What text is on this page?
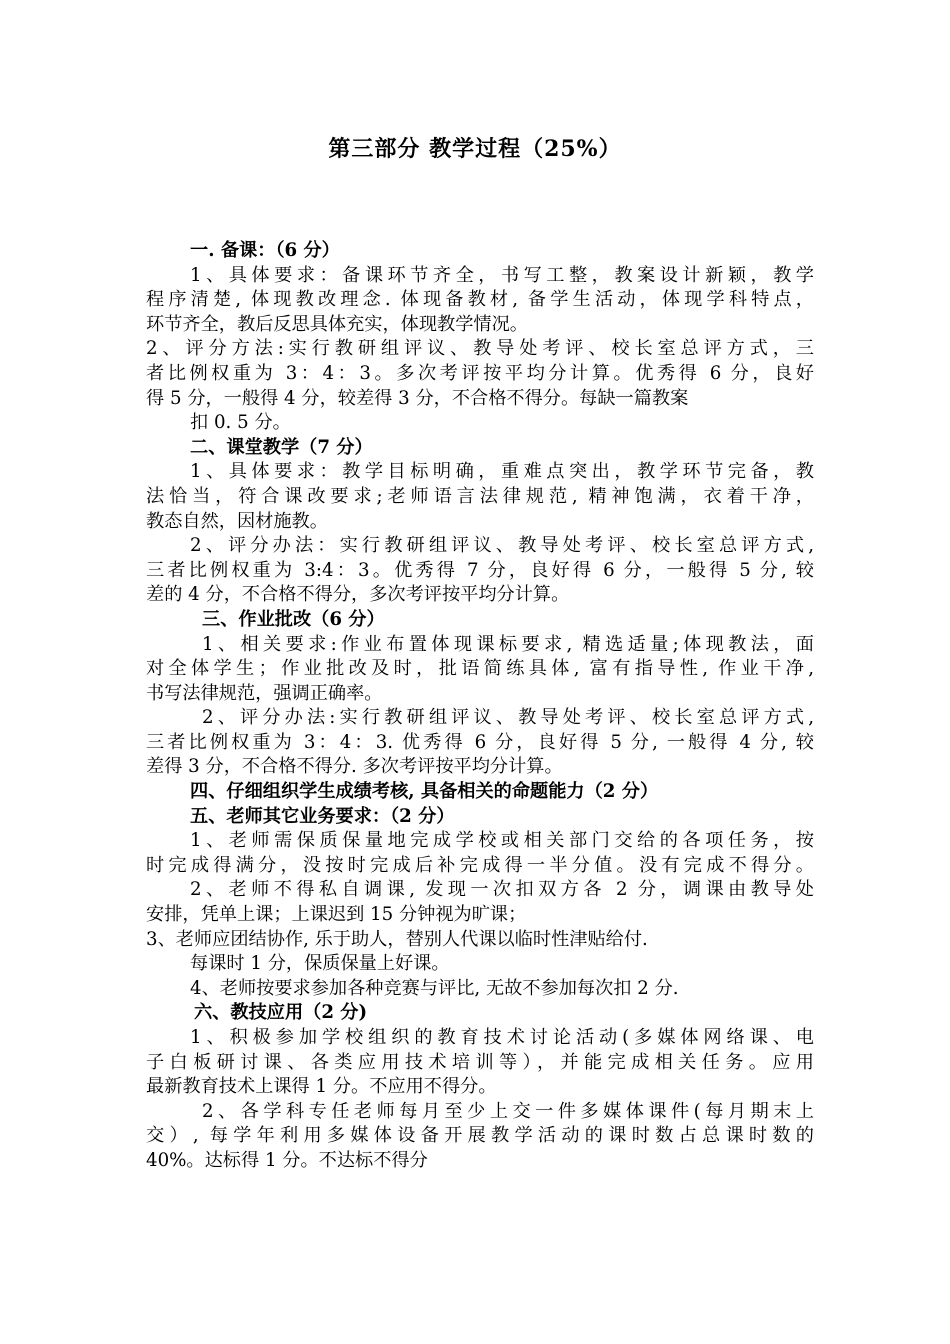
第三部分 教学过程（25%）
一. 备课：（6 分）
1、具体要求：备课环节齐全，书写工整，教案设计新颖，教学
程序清楚, 体现教改理念. 体现备教材, 备学生活动，体现学科特点，
环节齐全，教后反思具体充实，体现教学情况。
2、评分方法:实行教研组评议、教导处考评、校长室总评方式，三
者比例权重为 3：4：3。多次考评按平均分计算。优秀得 6 分，良好
得 5 分，一般得 4 分，较差得 3 分，不合格不得分。每缺一篇教案
扣 0. 5 分。
二、课堂教学（7 分）
1、具体要求：教学目标明确，重难点突出，教学环节完备，教
法恰当，符合课改要求;老师语言法律规范, 精神饱满，衣着干净，
教态自然，因材施教。
2、评分办法：实行教研组评议、教导处考评、校长室总评方式,
三者比例权重为 3:4：3。优秀得 7 分，良好得 6 分，一般得 5 分, 较
差的 4 分，不合格不得分，多次考评按平均分计算。
三、作业批改（6 分）
1、相关要求:作业布置体现课标要求, 精选适量;体现教法，面
对全体学生；作业批改及时，批语简练具体, 富有指导性, 作业干净,
书写法律规范，强调正确率。
2、评分办法:实行教研组评议、教导处考评、校长室总评方式,
三者比例权重为 3：4：3. 优秀得 6 分，良好得 5 分, 一般得 4 分, 较
差得 3 分，不合格不得分. 多次考评按平均分计算。
四、仔细组织学生成绩考核, 具备相关的命题能力（2 分）
五、老师其它业务要求：（2 分）
1、老师需保质保量地完成学校或相关部门交给的各项任务，按
时完成得满分，没按时完成后补完成得一半分值。没有完成不得分。
2、老师不得私自调课, 发现一次扣双方各 2 分，调课由教导处
安排，凭单上课；上课迟到 15 分钟视为旷课；
3、老师应团结协作, 乐于助人，替别人代课以临时性津贴给付.
每课时 1 分，保质保量上好课。
4、老师按要求参加各种竞赛与评比, 无故不参加每次扣 2 分.
六、教技应用（2 分)
1、积极参加学校组织的教育技术讨论活动(多媒体网络课、电
子白板研讨课、各类应用技术培训等），并能完成相关任务。应用
最新教育技术上课得 1 分。不应用不得分。
2、各学科专任老师每月至少上交一件多媒体课件(每月期末上
交）, 每学年利用多媒体设备开展教学活动的课时数占总课时数的
40%。达标得 1 分。不达标不得分
